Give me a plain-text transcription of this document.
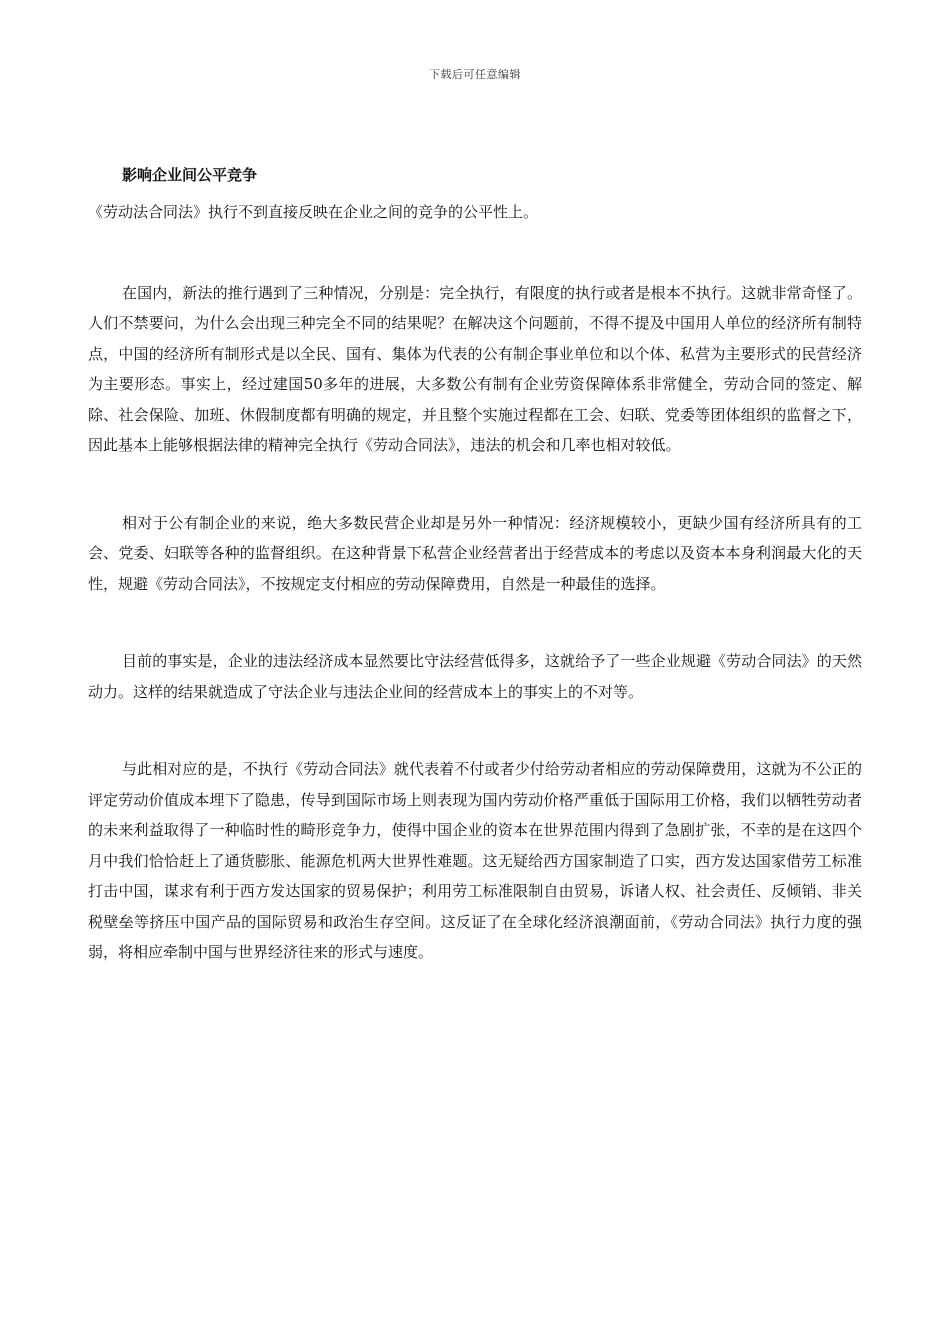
下载后可任意编辑

影响企业间公平竞争

《劳动法合同法》执行不到直接反映在企业之间的竞争的公平性上。

在国内，新法的推行遇到了三种情况，分别是：完全执行，有限度的执行或者是根本不执行。这就非常奇怪了。人们不禁要问，为什么会出现三种完全不同的结果呢？在解决这个问题前，不得不提及中国用人单位的经济所有制特点，中国的经济所有制形式是以全民、国有、集体为代表的公有制企事业单位和以个体、私营为主要形式的民营经济为主要形态。事实上，经过建国50多年的进展，大多数公有制有企业劳资保障体系非常健全，劳动合同的签定、解除、社会保险、加班、休假制度都有明确的规定，并且整个实施过程都在工会、妇联、党委等团体组织的监督之下，因此基本上能够根据法律的精神完全执行《劳动合同法》，违法的机会和几率也相对较低。

相对于公有制企业的来说，绝大多数民营企业却是另外一种情况：经济规模较小，更缺少国有经济所具有的工会、党委、妇联等各种的监督组织。在这种背景下私营企业经营者出于经营成本的考虑以及资本本身利润最大化的天性，规避《劳动合同法》，不按规定支付相应的劳动保障费用，自然是一种最佳的选择。

目前的事实是，企业的违法经济成本显然要比守法经营低得多，这就给予了一些企业规避《劳动合同法》的天然动力。这样的结果就造成了守法企业与违法企业间的经营成本上的事实上的不对等。

与此相对应的是，不执行《劳动合同法》就代表着不付或者少付给劳动者相应的劳动保障费用，这就为不公正的评定劳动价值成本埋下了隐患，传导到国际市场上则表现为国内劳动价格严重低于国际用工价格，我们以牺牲劳动者的未来利益取得了一种临时性的畸形竞争力，使得中国企业的资本在世界范围内得到了急剧扩张，不幸的是在这四个月中我们恰恰赶上了通货膨胀、能源危机两大世界性难题。这无疑给西方国家制造了口实，西方发达国家借劳工标准打击中国，谋求有利于西方发达国家的贸易保护；利用劳工标准限制自由贸易，诉诸人权、社会责任、反倾销、非关税壁垒等挤压中国产品的国际贸易和政治生存空间。这反证了在全球化经济浪潮面前，《劳动合同法》执行力度的强弱，将相应牵制中国与世界经济往来的形式与速度。
